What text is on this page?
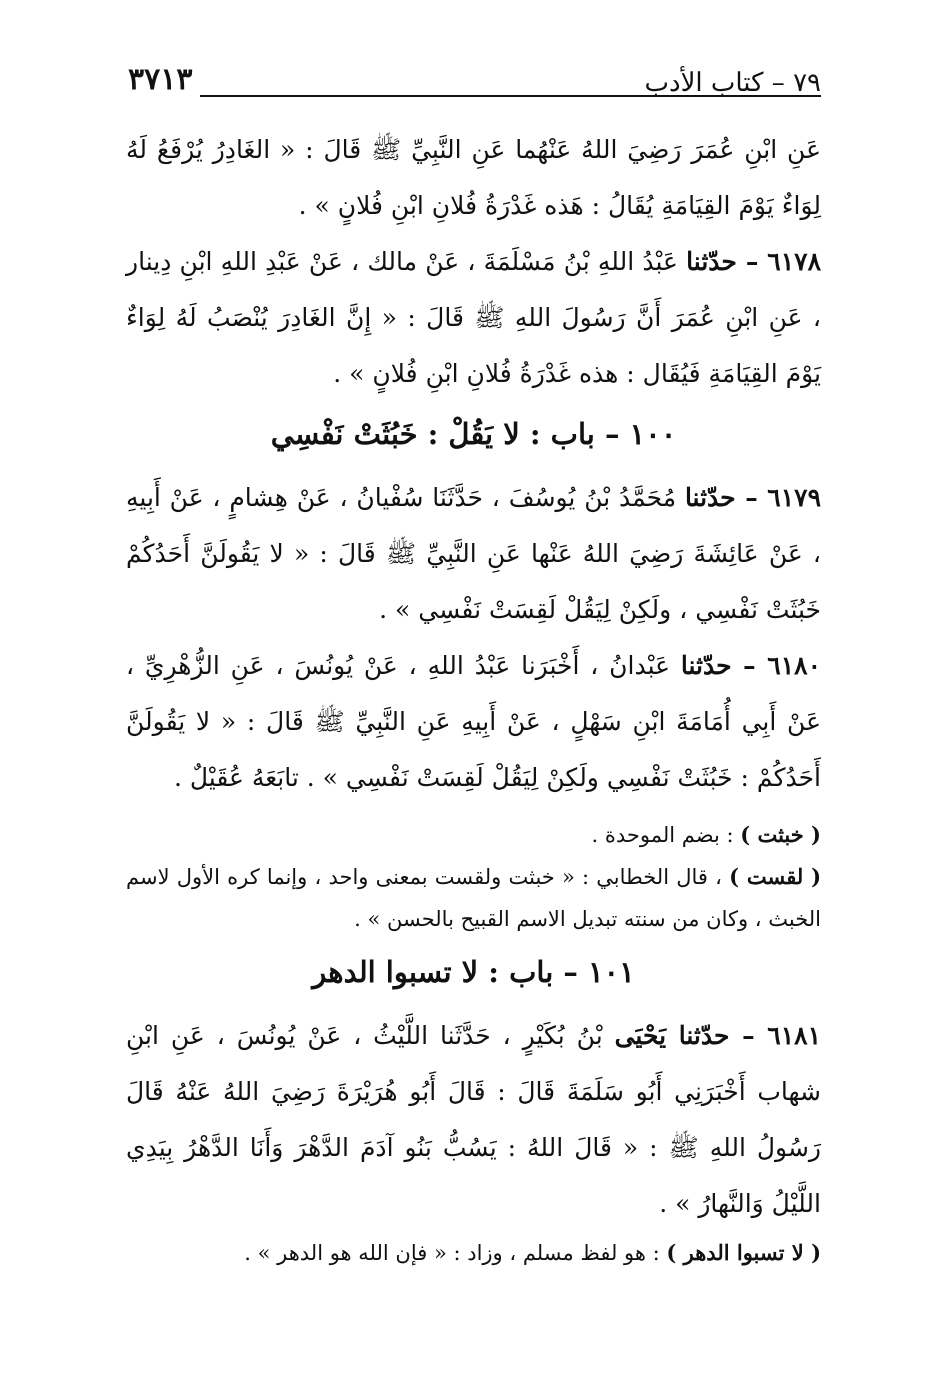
٣٧١٣	٧٩ – كتاب الأدب

عَنِ ابْنِ عُمَرَ رَضِيَ اللهُ عَنْهُما عَنِ النَّبِيِّ ﷺ قَالَ : « الغَادِرُ يُرْفَعُ لَهُ لِوَاءٌ يَوْمَ القِيَامَةِ يُقَالُ : هَذه غَدْرَةُ فُلانِ ابْنِ فُلانٍ » .

٦١٧٨ – حدّثنا عَبْدُ اللهِ بْنُ مَسْلَمَةَ ، عَنْ مالك ، عَنْ عَبْدِ اللهِ ابْنِ دِينار ، عَنِ ابْنِ عُمَرَ أَنَّ رَسُولَ اللهِ ﷺ قَالَ : « إِنَّ الغَادِرَ يُنْصَبُ لَهُ لِوَاءٌ يَوْمَ القِيَامَةِ فَيُقَال : هذه غَدْرَةُ فُلانِ ابْنِ فُلانٍ » .

١٠٠ – باب : لا يَقُلْ : خَبُثَتْ نَفْسِي

٦١٧٩ – حدّثنا مُحَمَّدُ بْنُ يُوسُفَ ، حَدَّثَنَا سُفْيانُ ، عَنْ هِشامٍ ، عَنْ أَبِيهِ ، عَنْ عَائِشَةَ رَضِيَ اللهُ عَنْها عَنِ النَّبِيِّ ﷺ قَالَ : « لا يَقُولَنَّ أَحَدُكُمْ خَبُثَتْ نَفْسِي ، ولَكِنْ لِيَقُلْ لَقِسَتْ نَفْسِي » .

٦١٨٠ – حدّثنا عَبْدانُ ، أَخْبَرَنا عَبْدُ اللهِ ، عَنْ يُونُسَ ، عَنِ الزُّهْرِيِّ ، عَنْ أَبِي أُمَامَةَ ابْنِ سَهْلٍ ، عَنْ أَبِيهِ عَنِ النَّبِيِّ ﷺ قَالَ : « لا يَقُولَنَّ أَحَدُكُمْ : خَبُثَتْ نَفْسِي ولَكِنْ لِيَقُلْ لَقِسَتْ نَفْسِي » . تابَعَهُ عُقَيْلٌ .

( خبثت ) : بضم الموحدة .

( لقست ) ، قال الخطابي : « خبثت ولقست بمعنى واحد ، وإنما كره الأول لاسم الخبث ، وكان من سنته تبديل الاسم القبيح بالحسن » .

١٠١ – باب : لا تسبوا الدهر

٦١٨١ – حدّثنا يَحْيَى بْنُ بُكَيْرٍ ، حَدَّثَنا اللَّيْثُ ، عَنْ يُونُسَ ، عَنِ ابْنِ شهاب أَخْبَرَنِي أَبُو سَلَمَةَ قَالَ : قَالَ أَبُو هُرَيْرَةَ رَضِيَ اللهُ عَنْهُ قَالَ رَسُولُ اللهِ ﷺ : « قَالَ اللهُ : يَسُبُّ بَنُو آدَمَ الدَّهْرَ وَأَنَا الدَّهْرُ بِيَدِي اللَّيْلُ وَالنَّهارُ » .

( لا تسبوا الدهر ) : هو لفظ مسلم ، وزاد : « فإن الله هو الدهر » .
